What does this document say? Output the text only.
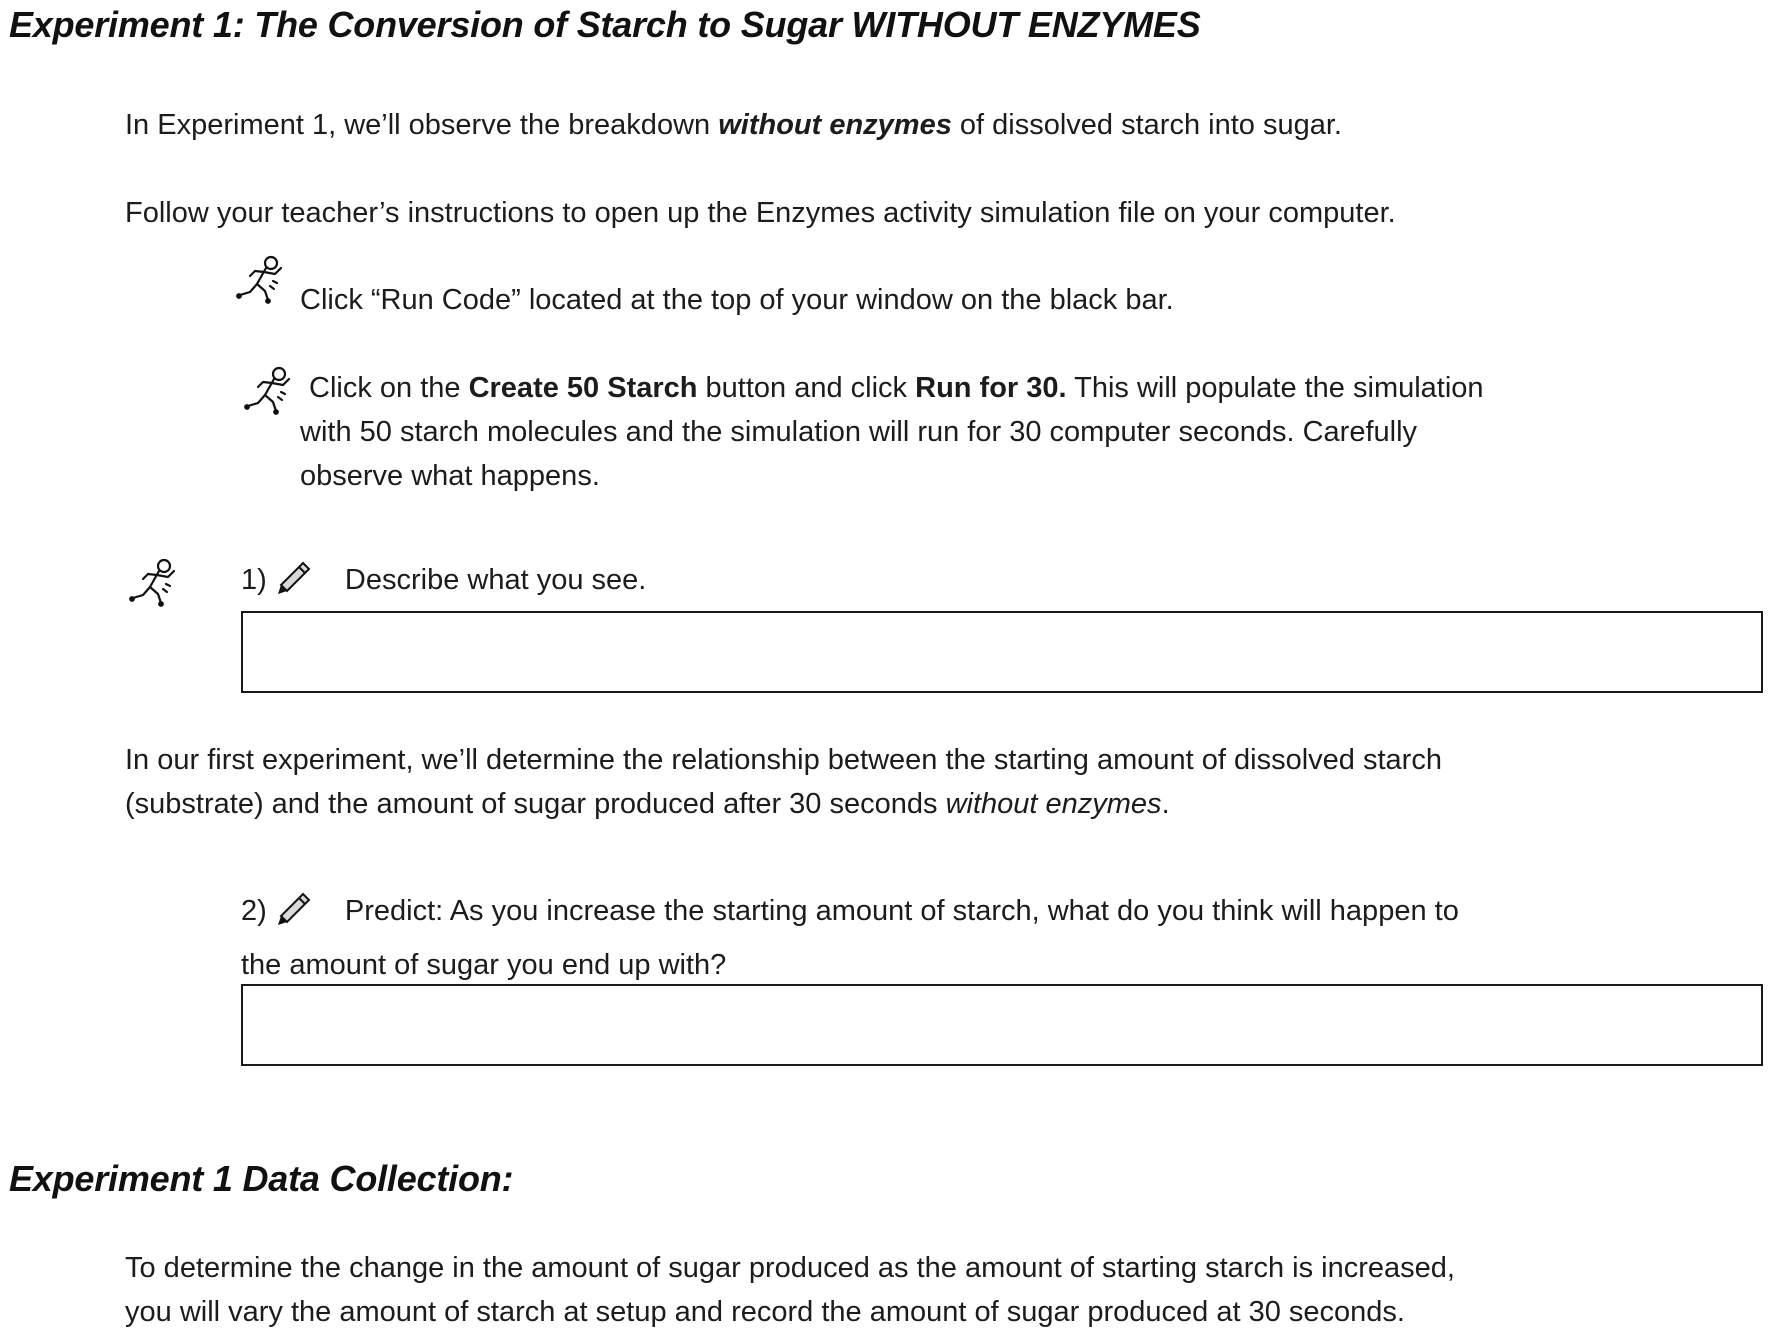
Experiment 1: The Conversion of Starch to Sugar WITHOUT ENZYMES

In Experiment 1, we’ll observe the breakdown without enzymes of dissolved starch into sugar.

Follow your teacher’s instructions to open up the Enzymes activity simulation file on your computer.

Click “Run Code” located at the top of your window on the black bar.

Click on the Create 50 Starch button and click Run for 30. This will populate the simulation

with 50 starch molecules and the simulation will run for 30 computer seconds. Carefully

observe what happens.

1)	Describe what you see.

In our first experiment, we’ll determine the relationship between the starting amount of dissolved starch

(substrate) and the amount of sugar produced after 30 seconds without enzymes.

2)	Predict: As you increase the starting amount of starch, what do you think will happen to

the amount of sugar you end up with?

Experiment 1 Data Collection:

To determine the change in the amount of sugar produced as the amount of starting starch is increased,

you will vary the amount of starch at setup and record the amount of sugar produced at 30 seconds.
